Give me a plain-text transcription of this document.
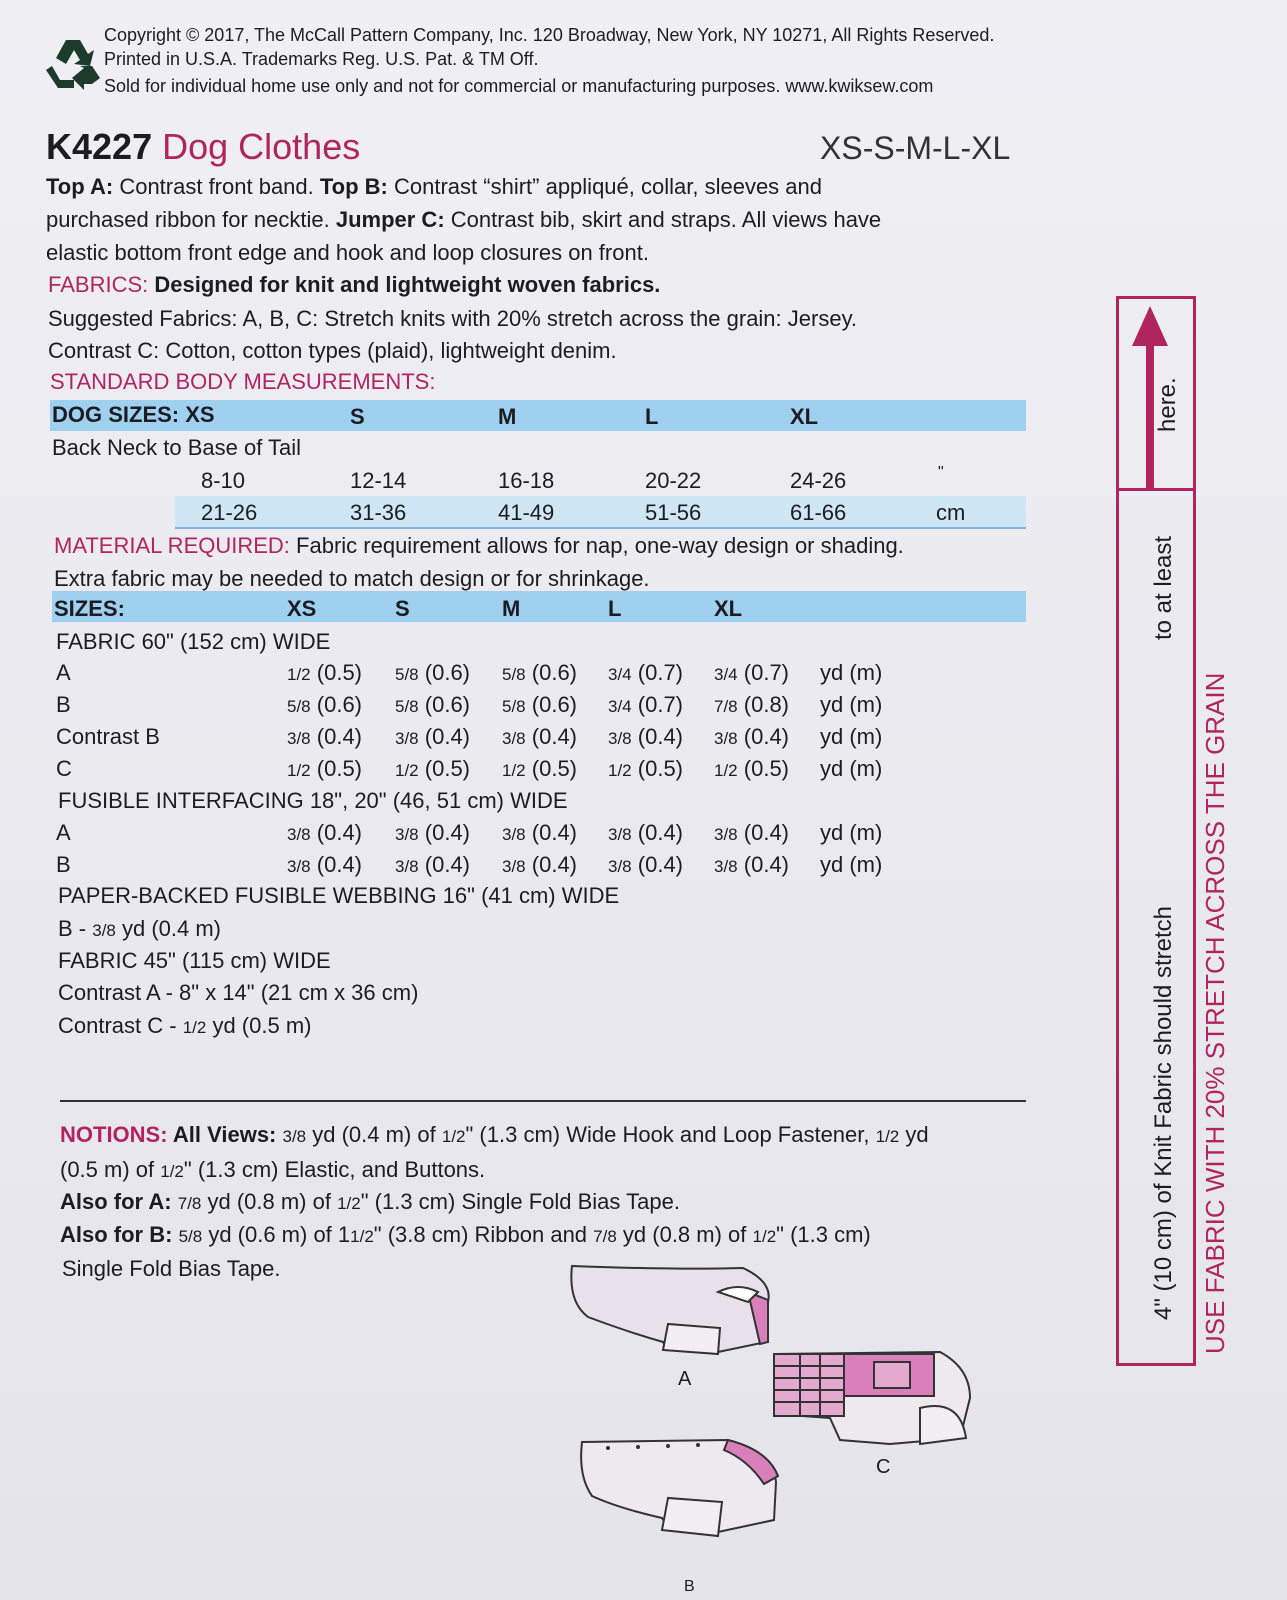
Copyright © 2017, The McCall Pattern Company, Inc. 120 Broadway, New York, NY 10271, All Rights Reserved.
Printed in U.S.A. Trademarks Reg. U.S. Pat. & TM Off.
Sold for individual home use only and not for commercial or manufacturing purposes. www.kwiksew.com
K4227 Dog Clothes	XS-S-M-L-XL
Top A: Contrast front band. Top B: Contrast “shirt” appliqué, collar, sleeves and
purchased ribbon for necktie. Jumper C: Contrast bib, skirt and straps. All views have
elastic bottom front edge and hook and loop closures on front.
FABRICS: Designed for knit and lightweight woven fabrics.
Suggested Fabrics: A, B, C: Stretch knits with 20% stretch across the grain: Jersey.
Contrast C: Cotton, cotton types (plaid), lightweight denim.
STANDARD BODY MEASUREMENTS:
DOG SIZES: XS	S	M	L	XL
Back Neck to Base of Tail
8-10	12-14	16-18	20-22	24-26	"
21-26	31-36	41-49	51-56	61-66	cm
MATERIAL REQUIRED: Fabric requirement allows for nap, one-way design or shading.
Extra fabric may be needed to match design or for shrinkage.
SIZES:	XS	S	M	L	XL
FABRIC 60" (152 cm) WIDE
A	1/2 (0.5) 5/8 (0.6) 5/8 (0.6) 3/4 (0.7) 3/4 (0.7) yd (m)
B	5/8 (0.6) 5/8 (0.6) 5/8 (0.6) 3/4 (0.7) 7/8 (0.8) yd (m)
Contrast B	3/8 (0.4) 3/8 (0.4) 3/8 (0.4) 3/8 (0.4) 3/8 (0.4) yd (m)
C	1/2 (0.5) 1/2 (0.5) 1/2 (0.5) 1/2 (0.5) 1/2 (0.5) yd (m)
FUSIBLE INTERFACING 18", 20" (46, 51 cm) WIDE
A	3/8 (0.4) 3/8 (0.4) 3/8 (0.4) 3/8 (0.4) 3/8 (0.4) yd (m)
B	3/8 (0.4) 3/8 (0.4) 3/8 (0.4) 3/8 (0.4) 3/8 (0.4) yd (m)
PAPER-BACKED FUSIBLE WEBBING 16" (41 cm) WIDE
B - 3/8 yd (0.4 m)
FABRIC 45" (115 cm) WIDE
Contrast A - 8" x 14" (21 cm x 36 cm)
Contrast C - 1/2 yd (0.5 m)
NOTIONS: All Views: 3/8 yd (0.4 m) of 1/2" (1.3 cm) Wide Hook and Loop Fastener, 1/2 yd
(0.5 m) of 1/2" (1.3 cm) Elastic, and Buttons.
Also for A: 7/8 yd (0.8 m) of 1/2" (1.3 cm) Single Fold Bias Tape.
Also for B: 5/8 yd (0.6 m) of 11/2" (3.8 cm) Ribbon and 7/8 yd (0.8 m) of 1/2" (1.3 cm)
Single Fold Bias Tape.	4" (10 cm) of Knit Fabric should stretch
to at least
here.
USE FABRIC WITH 20% STRETCH ACROSS THE GRAIN
A
C
B
